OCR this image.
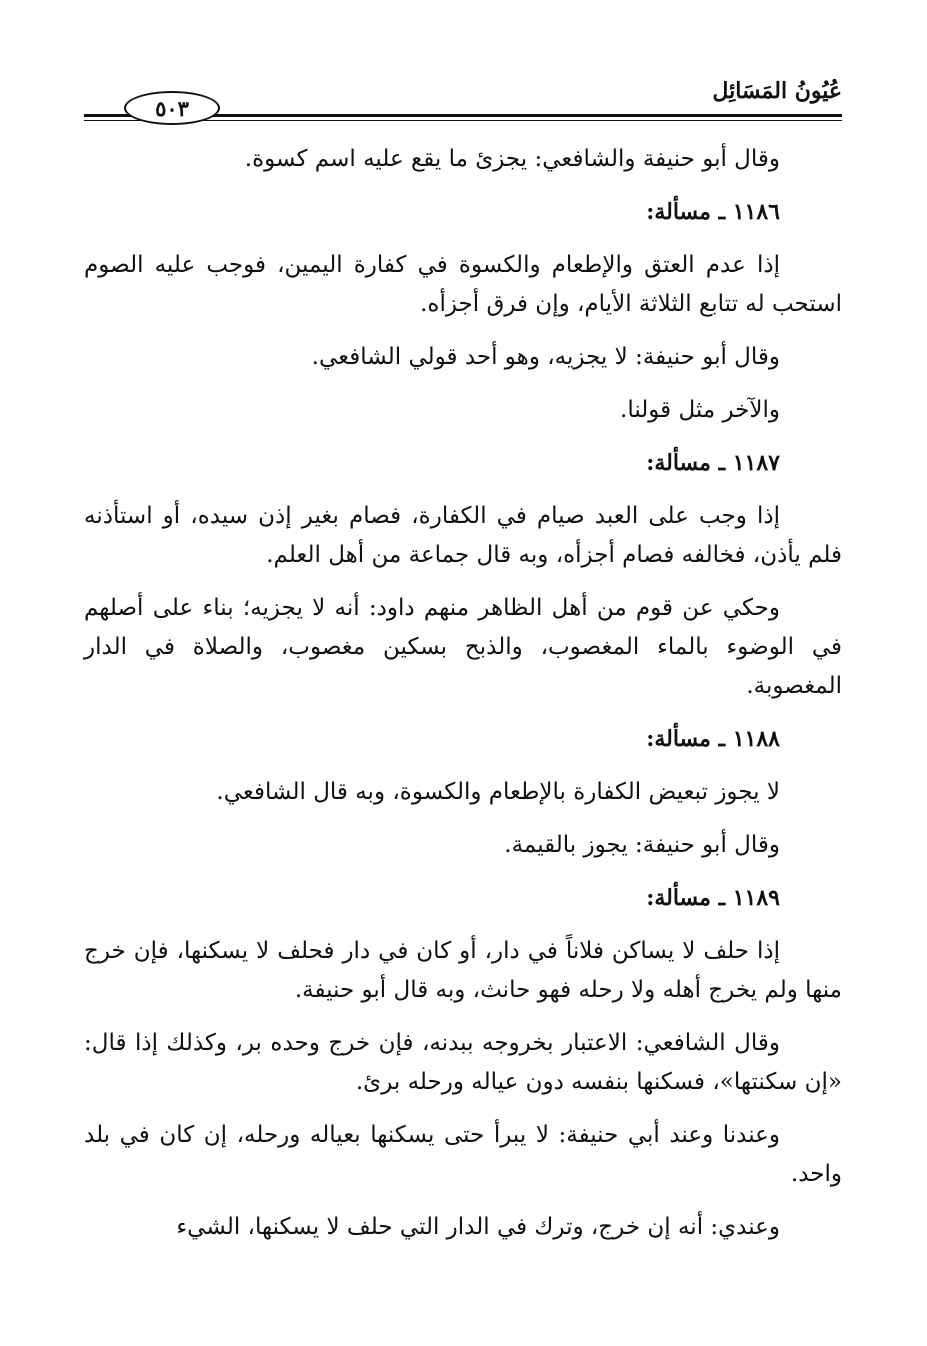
عُيُونُ المَسَائِل
٥٠٣

وقال أبو حنيفة والشافعي: يجزئ ما يقع عليه اسم كسوة.

١١٨٦ ـ مسألة:

إذا عدم العتق والإطعام والكسوة في كفارة اليمين، فوجب عليه الصوم استحب له تتابع الثلاثة الأيام، وإن فرق أجزأه.

وقال أبو حنيفة: لا يجزيه، وهو أحد قولي الشافعي.

والآخر مثل قولنا.

١١٨٧ ـ مسألة:

إذا وجب على العبد صيام في الكفارة، فصام بغير إذن سيده، أو استأذنه فلم يأذن، فخالفه فصام أجزأه، وبه قال جماعة من أهل العلم.

وحكي عن قوم من أهل الظاهر منهم داود: أنه لا يجزيه؛ بناء على أصلهم في الوضوء بالماء المغصوب، والذبح بسكين مغصوب، والصلاة في الدار المغصوبة.

١١٨٨ ـ مسألة:

لا يجوز تبعيض الكفارة بالإطعام والكسوة، وبه قال الشافعي.

وقال أبو حنيفة: يجوز بالقيمة.

١١٨٩ ـ مسألة:

إذا حلف لا يساكن فلاناً في دار، أو كان في دار فحلف لا يسكنها، فإن خرج منها ولم يخرج أهله ولا رحله فهو حانث، وبه قال أبو حنيفة.

وقال الشافعي: الاعتبار بخروجه ببدنه، فإن خرج وحده بر، وكذلك إذا قال: «إن سكنتها»، فسكنها بنفسه دون عياله ورحله برئ.

وعندنا وعند أبي حنيفة: لا يبرأ حتى يسكنها بعياله ورحله، إن كان في بلد واحد.

وعندي: أنه إن خرج، وترك في الدار التي حلف لا يسكنها، الشيء
